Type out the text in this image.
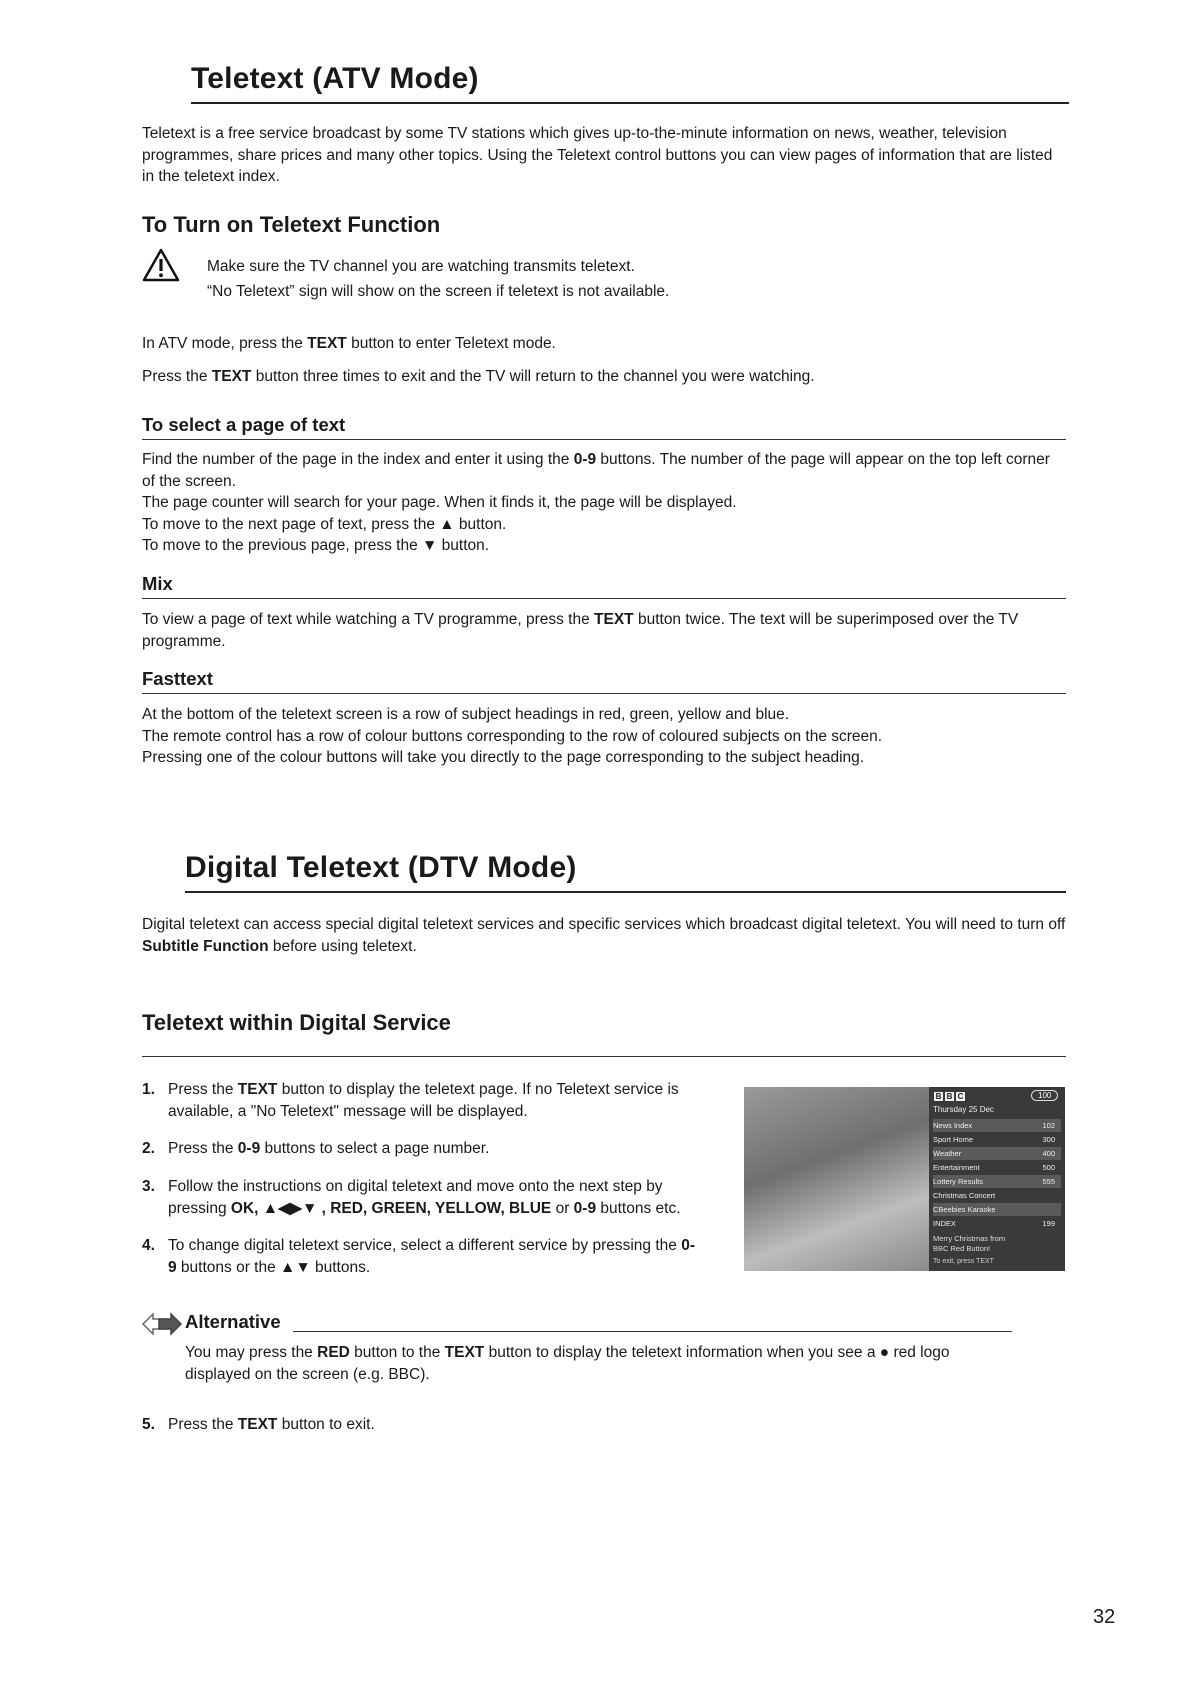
Teletext (ATV Mode)
Teletext is a free service broadcast by some TV stations which gives up-to-the-minute information on news, weather, television programmes, share prices and many other topics. Using the Teletext control buttons you can view pages of information that are listed in the teletext index.
To Turn on Teletext Function
Make sure the TV channel you are watching transmits teletext.
“No Teletext” sign will show on the screen if teletext is not available.
In ATV mode, press the TEXT button to enter Teletext mode.
Press the TEXT button three times to exit and the TV will return to the channel you were watching.
To select a page of text
Find the number of the page in the index and enter it using the 0-9 buttons. The number of the page will appear on the top left corner of the screen.
The page counter will search for your page. When it finds it, the page will be displayed.
To move to the next page of text, press the ▲ button.
To move to the previous page, press the ▼ button.
Mix
To view a page of text while watching a TV programme, press the TEXT button twice. The text will be superimposed over the TV programme.
Fasttext
At the bottom of the teletext screen is a row of subject headings in red, green, yellow and blue.
The remote control has a row of colour buttons corresponding to the row of coloured subjects on the screen.
Pressing one of the colour buttons will take you directly to the page corresponding to the subject heading.
Digital Teletext (DTV Mode)
Digital teletext can access special digital teletext services and specific services which broadcast digital teletext. You will need to turn off Subtitle Function before using teletext.
Teletext within Digital Service
1. Press the TEXT button to display the teletext page. If no Teletext service is available, a "No Teletext" message will be displayed.
2. Press the 0-9 buttons to select a page number.
3. Follow the instructions on digital teletext and move onto the next step by pressing OK, ▲◀▶▼ , RED, GREEN, YELLOW, BLUE or 0-9 buttons etc.
4. To change digital teletext service, select a different service by pressing the 0-9 buttons or the ▲▼ buttons.
B B C	100
Thursday 25 Dec
News Index	102
Sport Home	300
Weather	400
Entertainment	500
Lottery Results	555
Christmas Concert
CBeebies Karaoke
INDEX	199
Merry Christmas from
BBC Red Button!
To exit, press TEXT
Alternative
You may press the RED button to the TEXT button to display the teletext information when you see a ● red logo displayed on the screen (e.g. BBC).
5. Press the TEXT button to exit.
32
